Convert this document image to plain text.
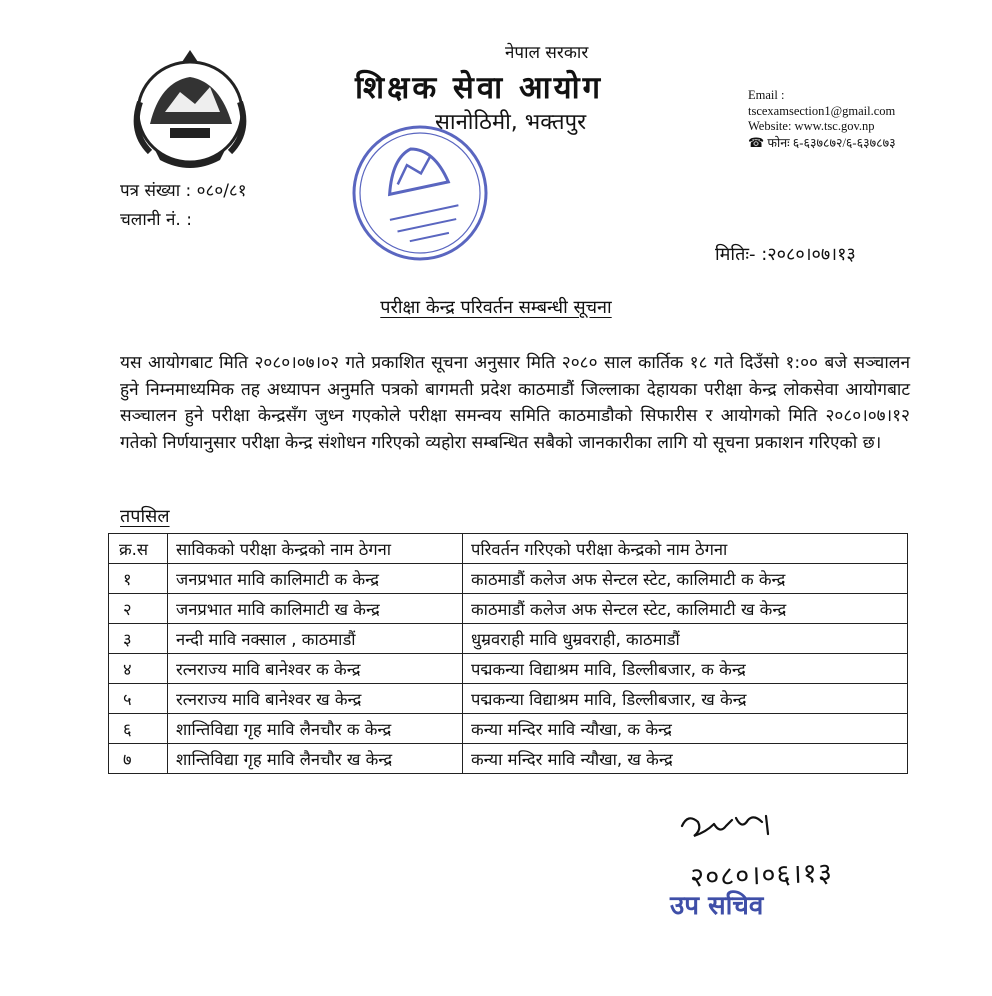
नेपाल सरकार
शिक्षक सेवा आयोग
सानोठिमी, भक्तपुर
Email :
tscexamsection1@gmail.com
Website: www.tsc.gov.np
☎ फोनः ६-६३७८७२/६-६३७८७३
पत्र संख्या : ०८०/८१
चलानी नं. :
मितिः- :२०८०।०७।१३
परीक्षा केन्द्र परिवर्तन सम्बन्धी सूचना
यस आयोगबाट मिति २०८०।०७।०२ गते प्रकाशित सूचना अनुसार मिति २०८० साल कार्तिक १८ गते दिउँसो १:०० बजे सञ्चालन हुने निम्नमाध्यमिक तह अध्यापन अनुमति पत्रको बागमती प्रदेश काठमाडौं जिल्लाका देहायका परीक्षा केन्द्र लोकसेवा आयोगबाट सञ्चालन हुने परीक्षा केन्द्रसँग जुध्न गएकोले परीक्षा समन्वय समिति काठमाडौको सिफारीस र आयोगको मिति २०८०।०७।१२ गतेको निर्णयानुसार परीक्षा केन्द्र संशोधन गरिएको व्यहोरा सम्बन्धित सबैको जानकारीका लागि यो सूचना प्रकाशन गरिएको छ।
तपसिल
क्र.स	साविकको परीक्षा केन्द्रको नाम ठेगना	परिवर्तन गरिएको परीक्षा केन्द्रको नाम ठेगना
१	जनप्रभात मावि कालिमाटी क केन्द्र	काठमाडौं कलेज अफ सेन्टल स्टेट, कालिमाटी क केन्द्र
२	जनप्रभात मावि कालिमाटी ख केन्द्र	काठमाडौं कलेज अफ सेन्टल स्टेट, कालिमाटी ख केन्द्र
३	नन्दी मावि नक्साल , काठमाडौं	धुम्रवराही मावि धुम्रवराही, काठमाडौं
४	रत्नराज्य मावि बानेश्वर क केन्द्र	पद्मकन्या विद्याश्रम मावि, डिल्लीबजार, क केन्द्र
५	रत्नराज्य मावि बानेश्वर ख केन्द्र	पद्मकन्या विद्याश्रम मावि, डिल्लीबजार, ख केन्द्र
६	शान्तिविद्या गृह मावि लैनचौर क केन्द्र	कन्या मन्दिर मावि न्यौखा, क केन्द्र
७	शान्तिविद्या गृह मावि लैनचौर ख केन्द्र	कन्या मन्दिर मावि न्यौखा, ख केन्द्र
२०८०।०६।१३
उप सचिव
